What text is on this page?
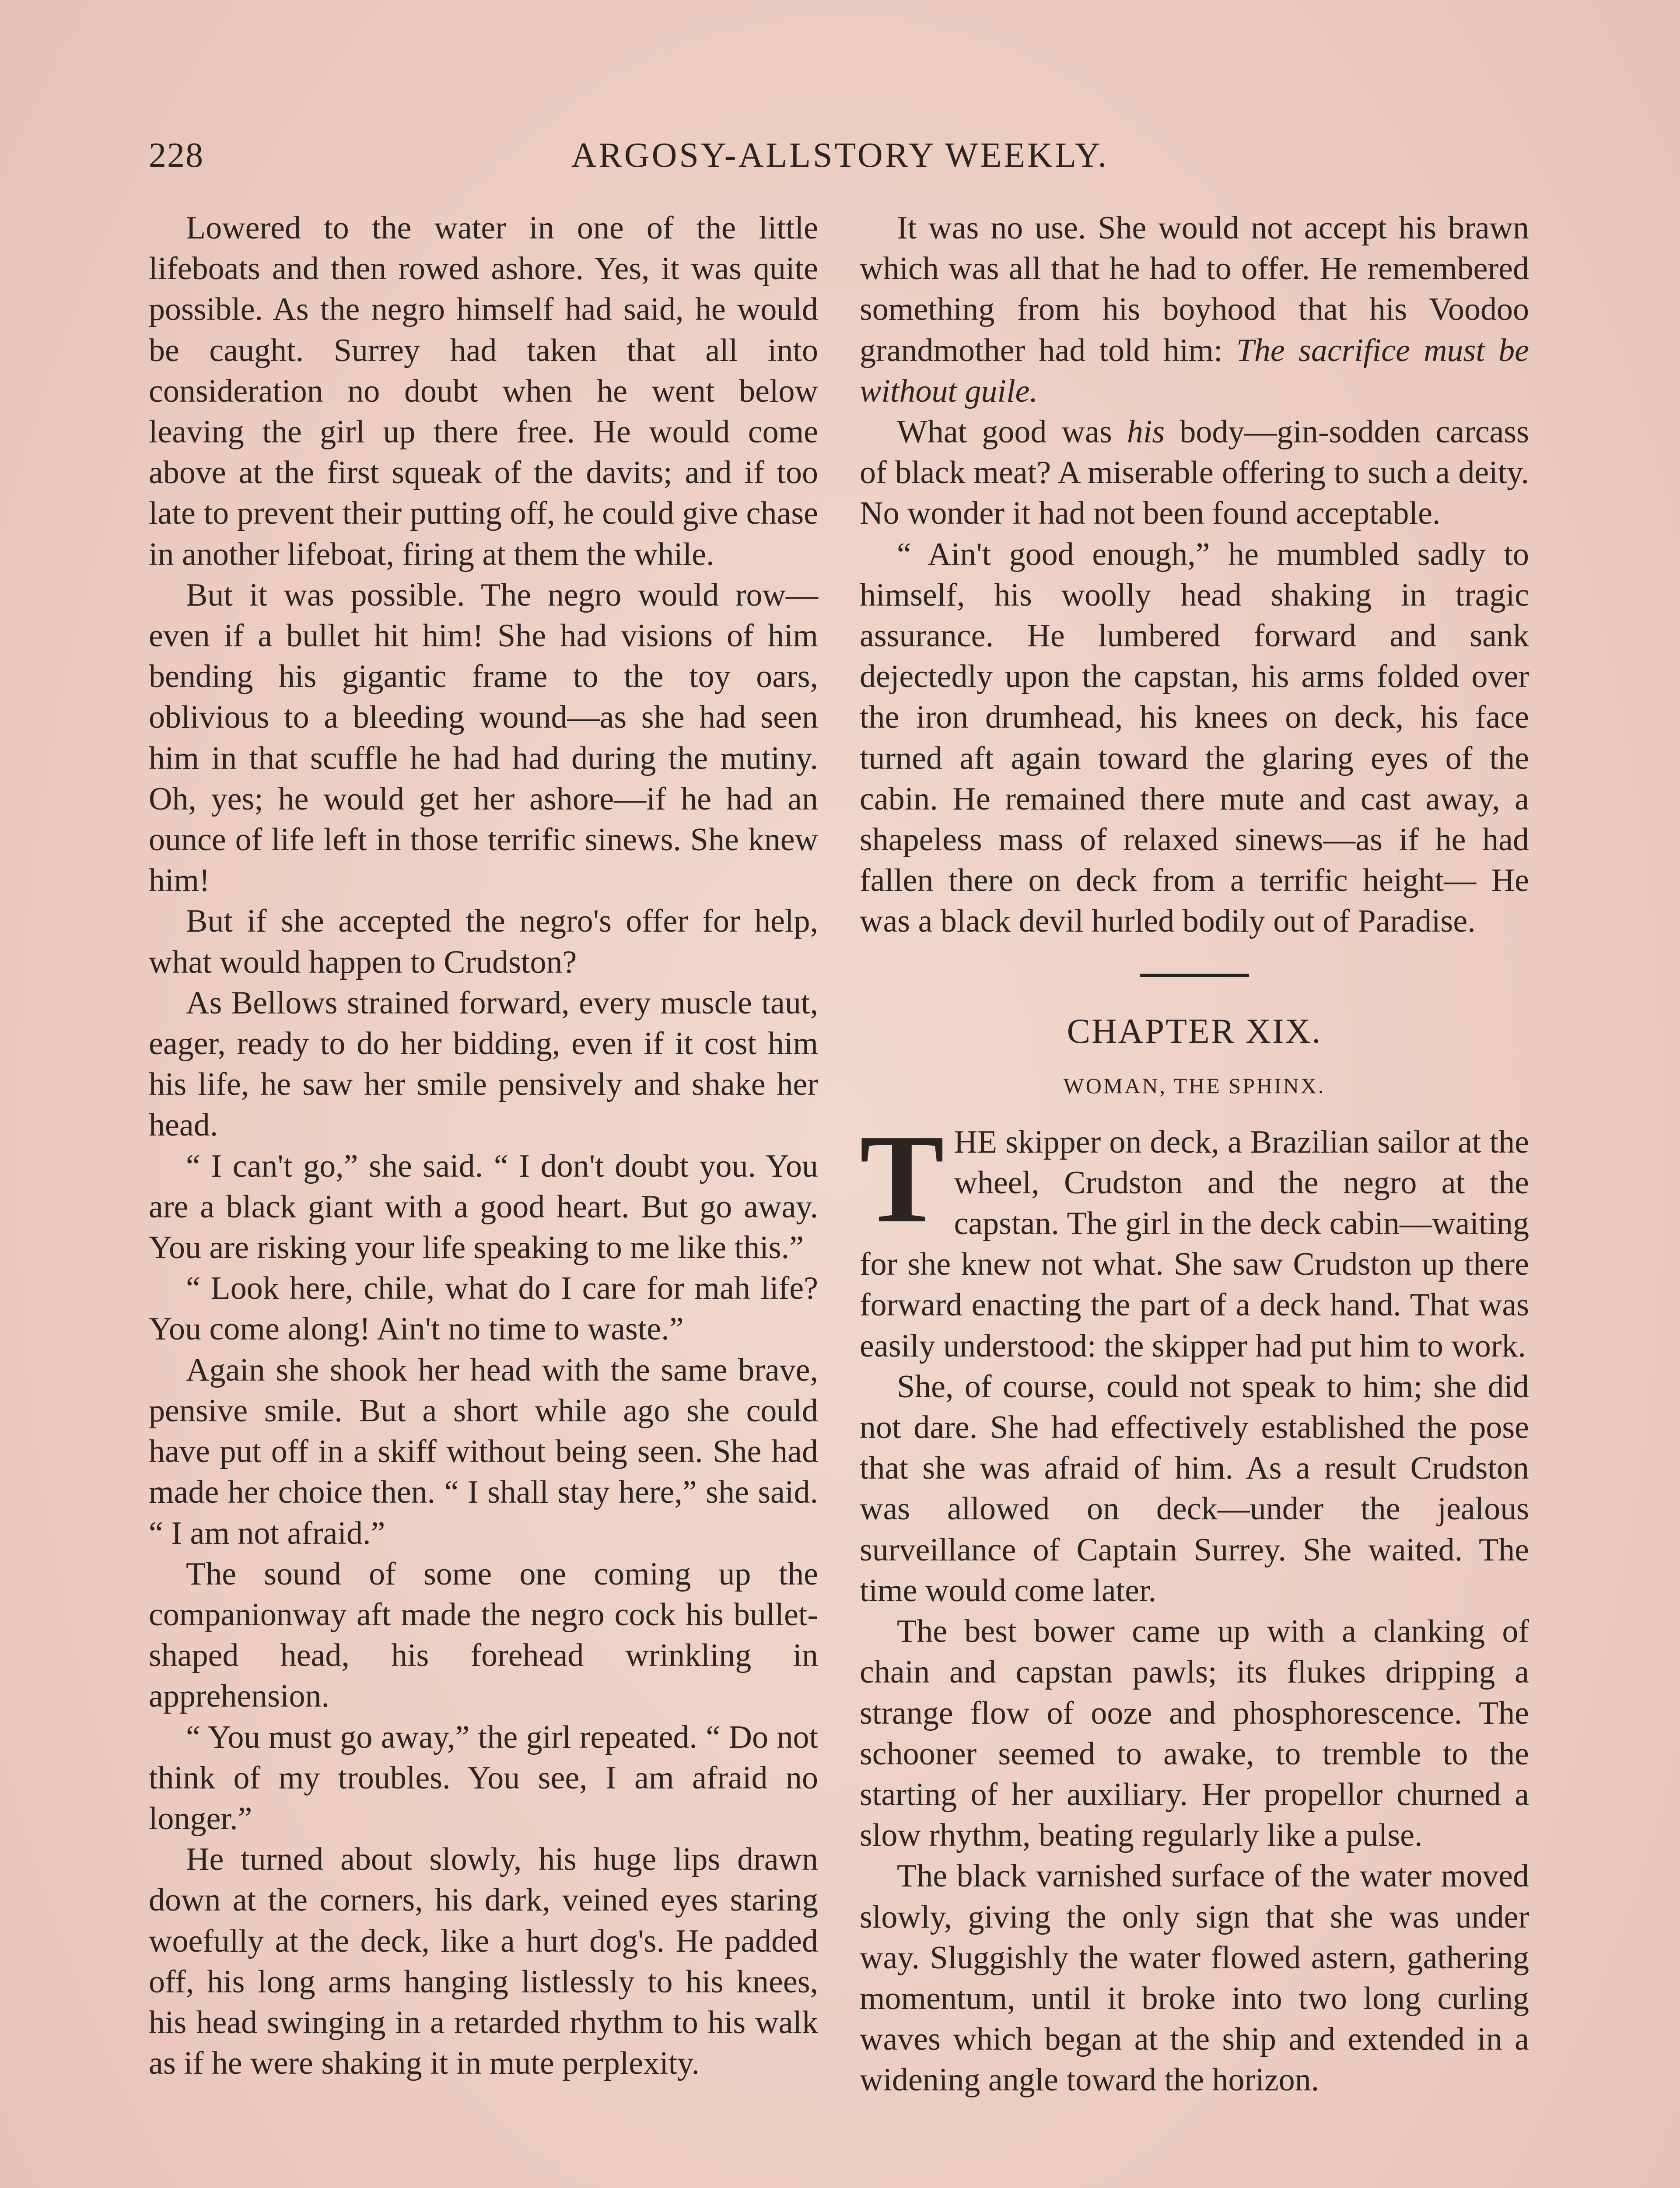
228	ARGOSY-ALLSTORY WEEKLY.

Lowered to the water in one of the little lifeboats and then rowed ashore. Yes, it was quite possible. As the negro himself had said, he would be caught. Surrey had taken that all into consideration no doubt when he went below leaving the girl up there free. He would come above at the first squeak of the davits; and if too late to prevent their putting off, he could give chase in another lifeboat, firing at them the while.

But it was possible. The negro would row—even if a bullet hit him! She had visions of him bending his gigantic frame to the toy oars, oblivious to a bleeding wound—as she had seen him in that scuffle he had had during the mutiny. Oh, yes; he would get her ashore—if he had an ounce of life left in those terrific sinews. She knew him!

But if she accepted the negro's offer for help, what would happen to Crudston?

As Bellows strained forward, every muscle taut, eager, ready to do her bidding, even if it cost him his life, he saw her smile pensively and shake her head.

“ I can't go,” she said. “ I don't doubt you. You are a black giant with a good heart. But go away. You are risking your life speaking to me like this.”

“ Look here, chile, what do I care for mah life? You come along! Ain't no time to waste.”

Again she shook her head with the same brave, pensive smile. But a short while ago she could have put off in a skiff without being seen. She had made her choice then. “ I shall stay here,” she said. “ I am not afraid.”

The sound of some one coming up the companionway aft made the negro cock his bullet-shaped head, his forehead wrinkling in apprehension.

“ You must go away,” the girl repeated. “ Do not think of my troubles. You see, I am afraid no longer.”

He turned about slowly, his huge lips drawn down at the corners, his dark, veined eyes staring woefully at the deck, like a hurt dog's. He padded off, his long arms hanging listlessly to his knees, his head swinging in a retarded rhythm to his walk as if he were shaking it in mute perplexity.

It was no use. She would not accept his brawn which was all that he had to offer. He remembered something from his boyhood that his Voodoo grandmother had told him: The sacrifice must be without guile.

What good was his body—gin-sodden carcass of black meat? A miserable offering to such a deity. No wonder it had not been found acceptable.

“ Ain't good enough,” he mumbled sadly to himself, his woolly head shaking in tragic assurance. He lumbered forward and sank dejectedly upon the capstan, his arms folded over the iron drumhead, his knees on deck, his face turned aft again toward the glaring eyes of the cabin. He remained there mute and cast away, a shapeless mass of relaxed sinews—as if he had fallen there on deck from a terrific height— He was a black devil hurled bodily out of Paradise.

CHAPTER XIX.
WOMAN, THE SPHINX.

THE skipper on deck, a Brazilian sailor at the wheel, Crudston and the negro at the capstan. The girl in the deck cabin—waiting for she knew not what. She saw Crudston up there forward enacting the part of a deck hand. That was easily understood: the skipper had put him to work.

She, of course, could not speak to him; she did not dare. She had effectively established the pose that she was afraid of him. As a result Crudston was allowed on deck—under the jealous surveillance of Captain Surrey. She waited. The time would come later.

The best bower came up with a clanking of chain and capstan pawls; its flukes dripping a strange flow of ooze and phosphorescence. The schooner seemed to awake, to tremble to the starting of her auxiliary. Her propellor churned a slow rhythm, beating regularly like a pulse.

The black varnished surface of the water moved slowly, giving the only sign that she was under way. Sluggishly the water flowed astern, gathering momentum, until it broke into two long curling waves which began at the ship and extended in a widening angle toward the horizon.
